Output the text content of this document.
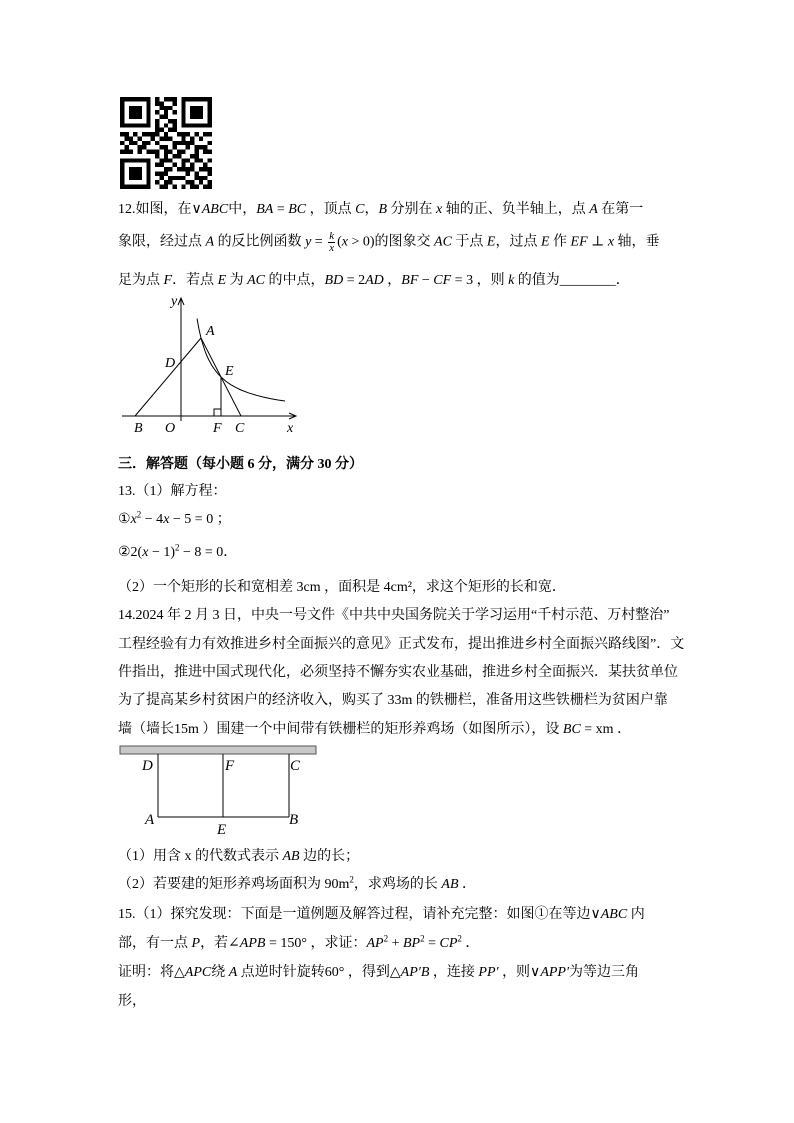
12.如图，在∨ABC中，BA = BC ，顶点 C，B 分别在 x 轴的正、负半轴上，点 A 在第一
象限，经过点 A 的反比例函数 $y = \frac{k}{x} (x > 0)$的图象交 AC 于点 E，过点 E 作 EF ⊥ x 轴，垂
足为点 F．若点 E 为 AC 的中点，BD = 2AD ，BF − CF = 3 ，则 k 的值为________．
y
A
D
E
B O	F C	x
三．解答题（每小题 6 分，满分 30 分）
13.（1）解方程：
$①x^2 - 4x - 5 = 0$ ；
②2(x − 1)$^2$ − 8 = 0．
（2）一个矩形的长和宽相差 3cm ，面积是 4cm²，求这个矩形的长和宽．
14.2024 年 2 月 3 日，中央一号文件《中共中央国务院关于学习运用“千村示范、万村整治”
工程经验有力有效推进乡村全面振兴的意见》正式发布，提出推进乡村全面振兴路线图”．文
件指出，推进中国式现代化，必须坚持不懈夯实农业基础，推进乡村全面振兴．某扶贫单位
为了提高某乡村贫困户的经济收入，购买了 33m 的铁栅栏，准备用这些铁栅栏为贫困户靠
墙（墙长15m ）围建一个中间带有铁栅栏的矩形养鸡场（如图所示），设 BC = xm ．
D	F	C
A
E
B
（1）用含 x 的代数式表示 AB 边的长；
（2）若要建的矩形养鸡场面积为 $90m^2$，求鸡场的长 AB ．
15.（1）探究发现：下面是一道例题及解答过程，请补充完整：如图①在等边∨ABC 内
部，有一点 P，若∠APB = 150° ，求证：$AP^2 + BP^2 = CP^2$ ．
证明：将△APC绕 A 点逆时针旋转60° ，得到△AP′B ，连接 PP′ ，则∨APP′为等边三角
形，
